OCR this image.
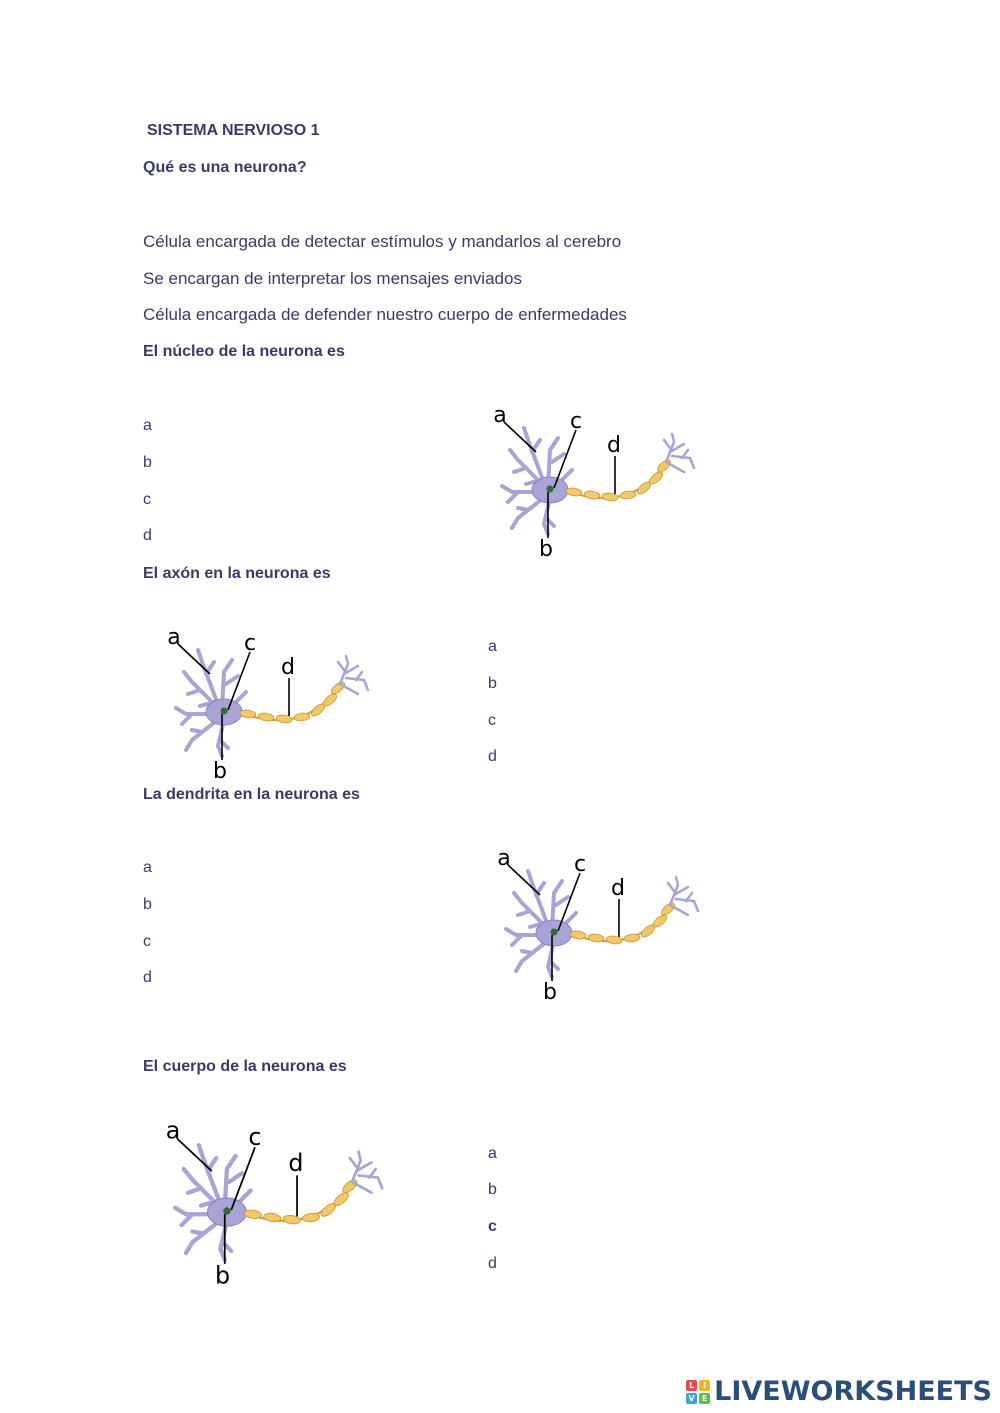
SISTEMA NERVIOSO 1
Qué es una neurona?
Célula encargada de detectar estímulos y mandarlos al cerebro
Se encargan de interpretar los mensajes enviados
Célula encargada de defender nuestro cuerpo de enfermedades
El núcleo de la neurona es
a
b
c
d
a	c
d
b
El axón en la neurona es
a	c
d
b
a
b
c
d
La dendrita en la neurona es
a
b
c
d
a	c
d
b
El cuerpo de la neurona es
a	c
d
b
a
b
c
d
L	I
V E LIVEWORKSHEETS
